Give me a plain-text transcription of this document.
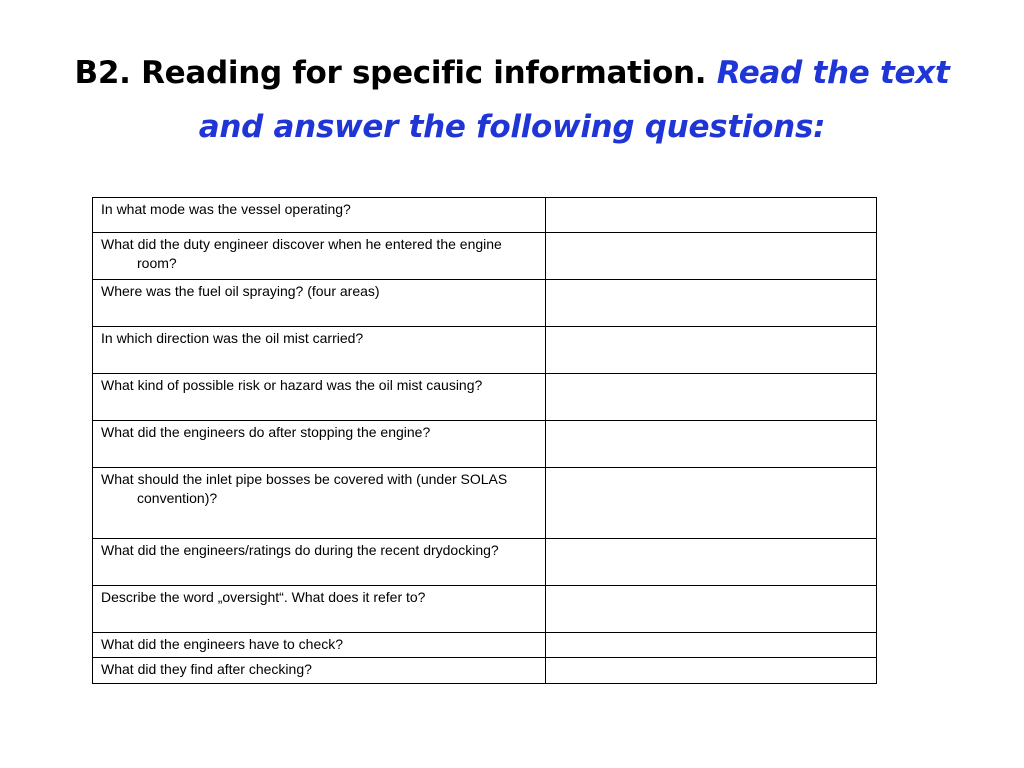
B2. Reading for specific information. Read the text and answer the following questions:
In what mode was the vessel operating?	
What did the duty engineer discover when he entered the engine room?	
Where was the fuel oil spraying? (four areas)	
In which direction was the oil mist carried?	
What kind of possible risk or hazard was the oil mist causing?	
What did the engineers do after stopping the engine?	
What should the inlet pipe bosses be covered with (under SOLAS convention)?	
What did the engineers/ratings do during the recent drydocking?	
Describe the word „oversight“. What does it refer to?	
What did the engineers have to check?	
What did they find after checking?	
